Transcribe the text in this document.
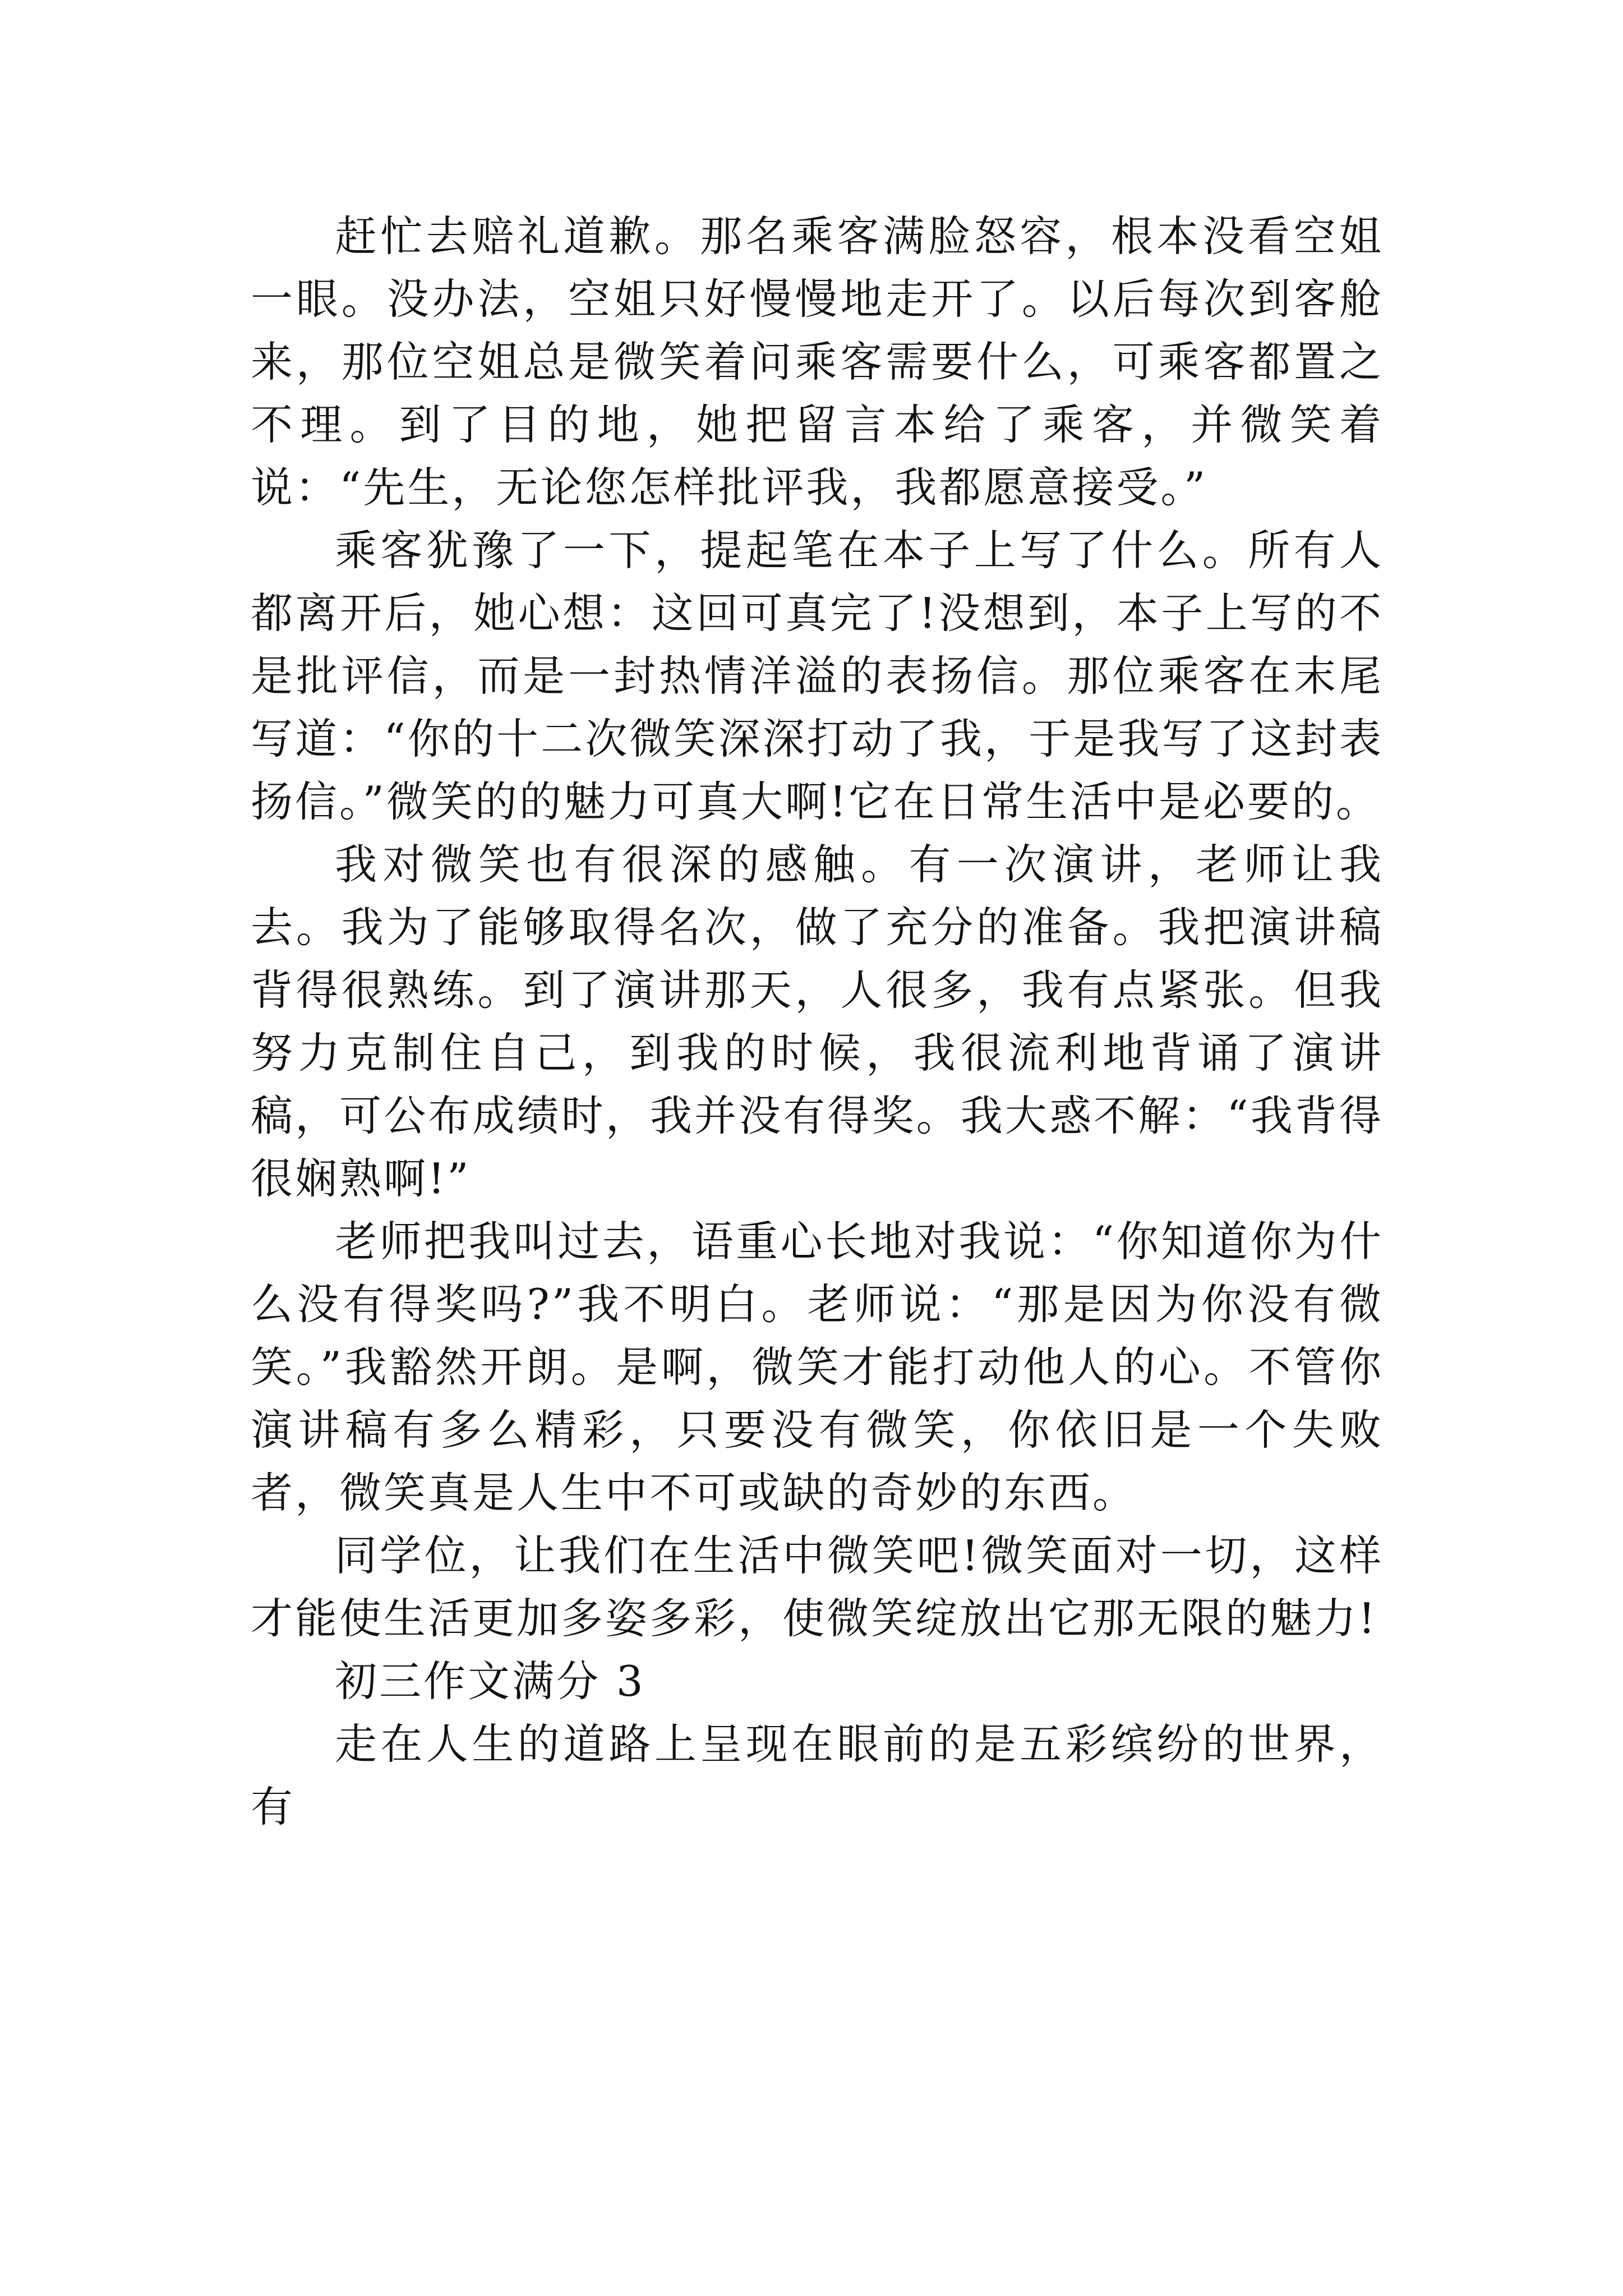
赶忙去赔礼道歉。那名乘客满脸怒容，根本没看空姐一眼。没办法，空姐只好慢慢地走开了。以后每次到客舱来，那位空姐总是微笑着问乘客需要什么，可乘客都置之不理。到了目的地，她把留言本给了乘客，并微笑着说：“先生，无论您怎样批评我，我都愿意接受。”

乘客犹豫了一下，提起笔在本子上写了什么。所有人都离开后，她心想：这回可真完了!没想到，本子上写的不是批评信，而是一封热情洋溢的表扬信。那位乘客在末尾写道：“你的十二次微笑深深打动了我，于是我写了这封表扬信。”微笑的的魅力可真大啊!它在日常生活中是必要的。

我对微笑也有很深的感触。有一次演讲，老师让我去。我为了能够取得名次，做了充分的准备。我把演讲稿背得很熟练。到了演讲那天，人很多，我有点紧张。但我努力克制住自己，到我的时候，我很流利地背诵了演讲稿，可公布成绩时，我并没有得奖。我大惑不解：“我背得很娴熟啊!”

老师把我叫过去，语重心长地对我说：“你知道你为什么没有得奖吗?”我不明白。老师说：“那是因为你没有微笑。”我豁然开朗。是啊，微笑才能打动他人的心。不管你演讲稿有多么精彩，只要没有微笑，你依旧是一个失败者，微笑真是人生中不可或缺的奇妙的东西。

同学位，让我们在生活中微笑吧!微笑面对一切，这样才能使生活更加多姿多彩，使微笑绽放出它那无限的魅力!

初三作文满分 3

走在人生的道路上呈现在眼前的是五彩缤纷的世界，有
